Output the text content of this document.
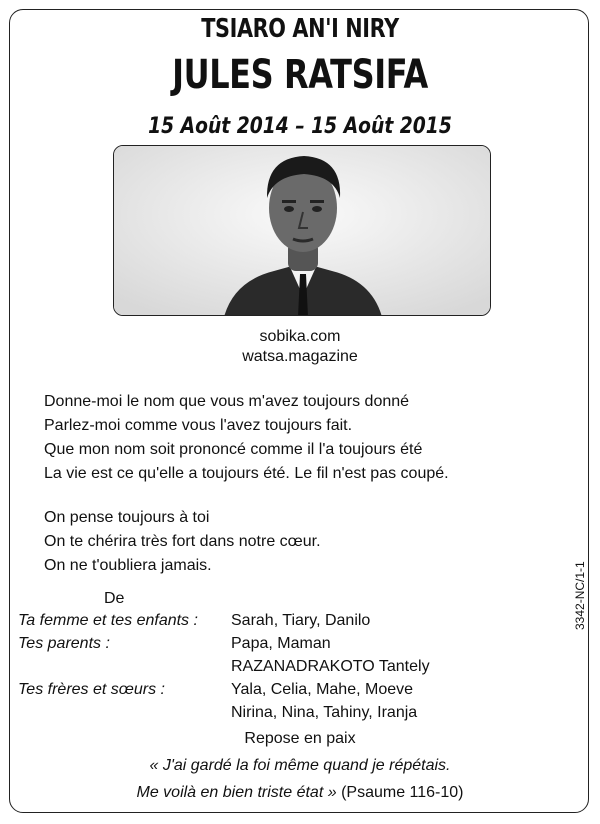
TSIARO AN'I NIRY
JULES RATSIFA
15 Août 2014 – 15 Août 2015
sobika.com
watsa.magazine
Donne-moi le nom que vous m'avez toujours donné
Parlez-moi comme vous l'avez toujours fait.
Que mon nom soit prononcé comme il l'a toujours été
La vie est ce qu'elle a toujours été. Le fil n'est pas coupé.
On pense toujours à toi
On te chérira très fort dans notre cœur.
On ne t'oubliera jamais.
De
Ta femme et tes enfants : Sarah, Tiary, Danilo
Tes parents :	Papa, Maman
RAZANADRAKOTO Tantely
Tes frères et sœurs :	Yala, Celia, Mahe, Moeve
Nirina, Nina, Tahiny, Iranja
Repose en paix
« J'ai gardé la foi même quand je répétais.
Me voilà en bien triste état » (Psaume 116-10)
3342-NC/1-1
